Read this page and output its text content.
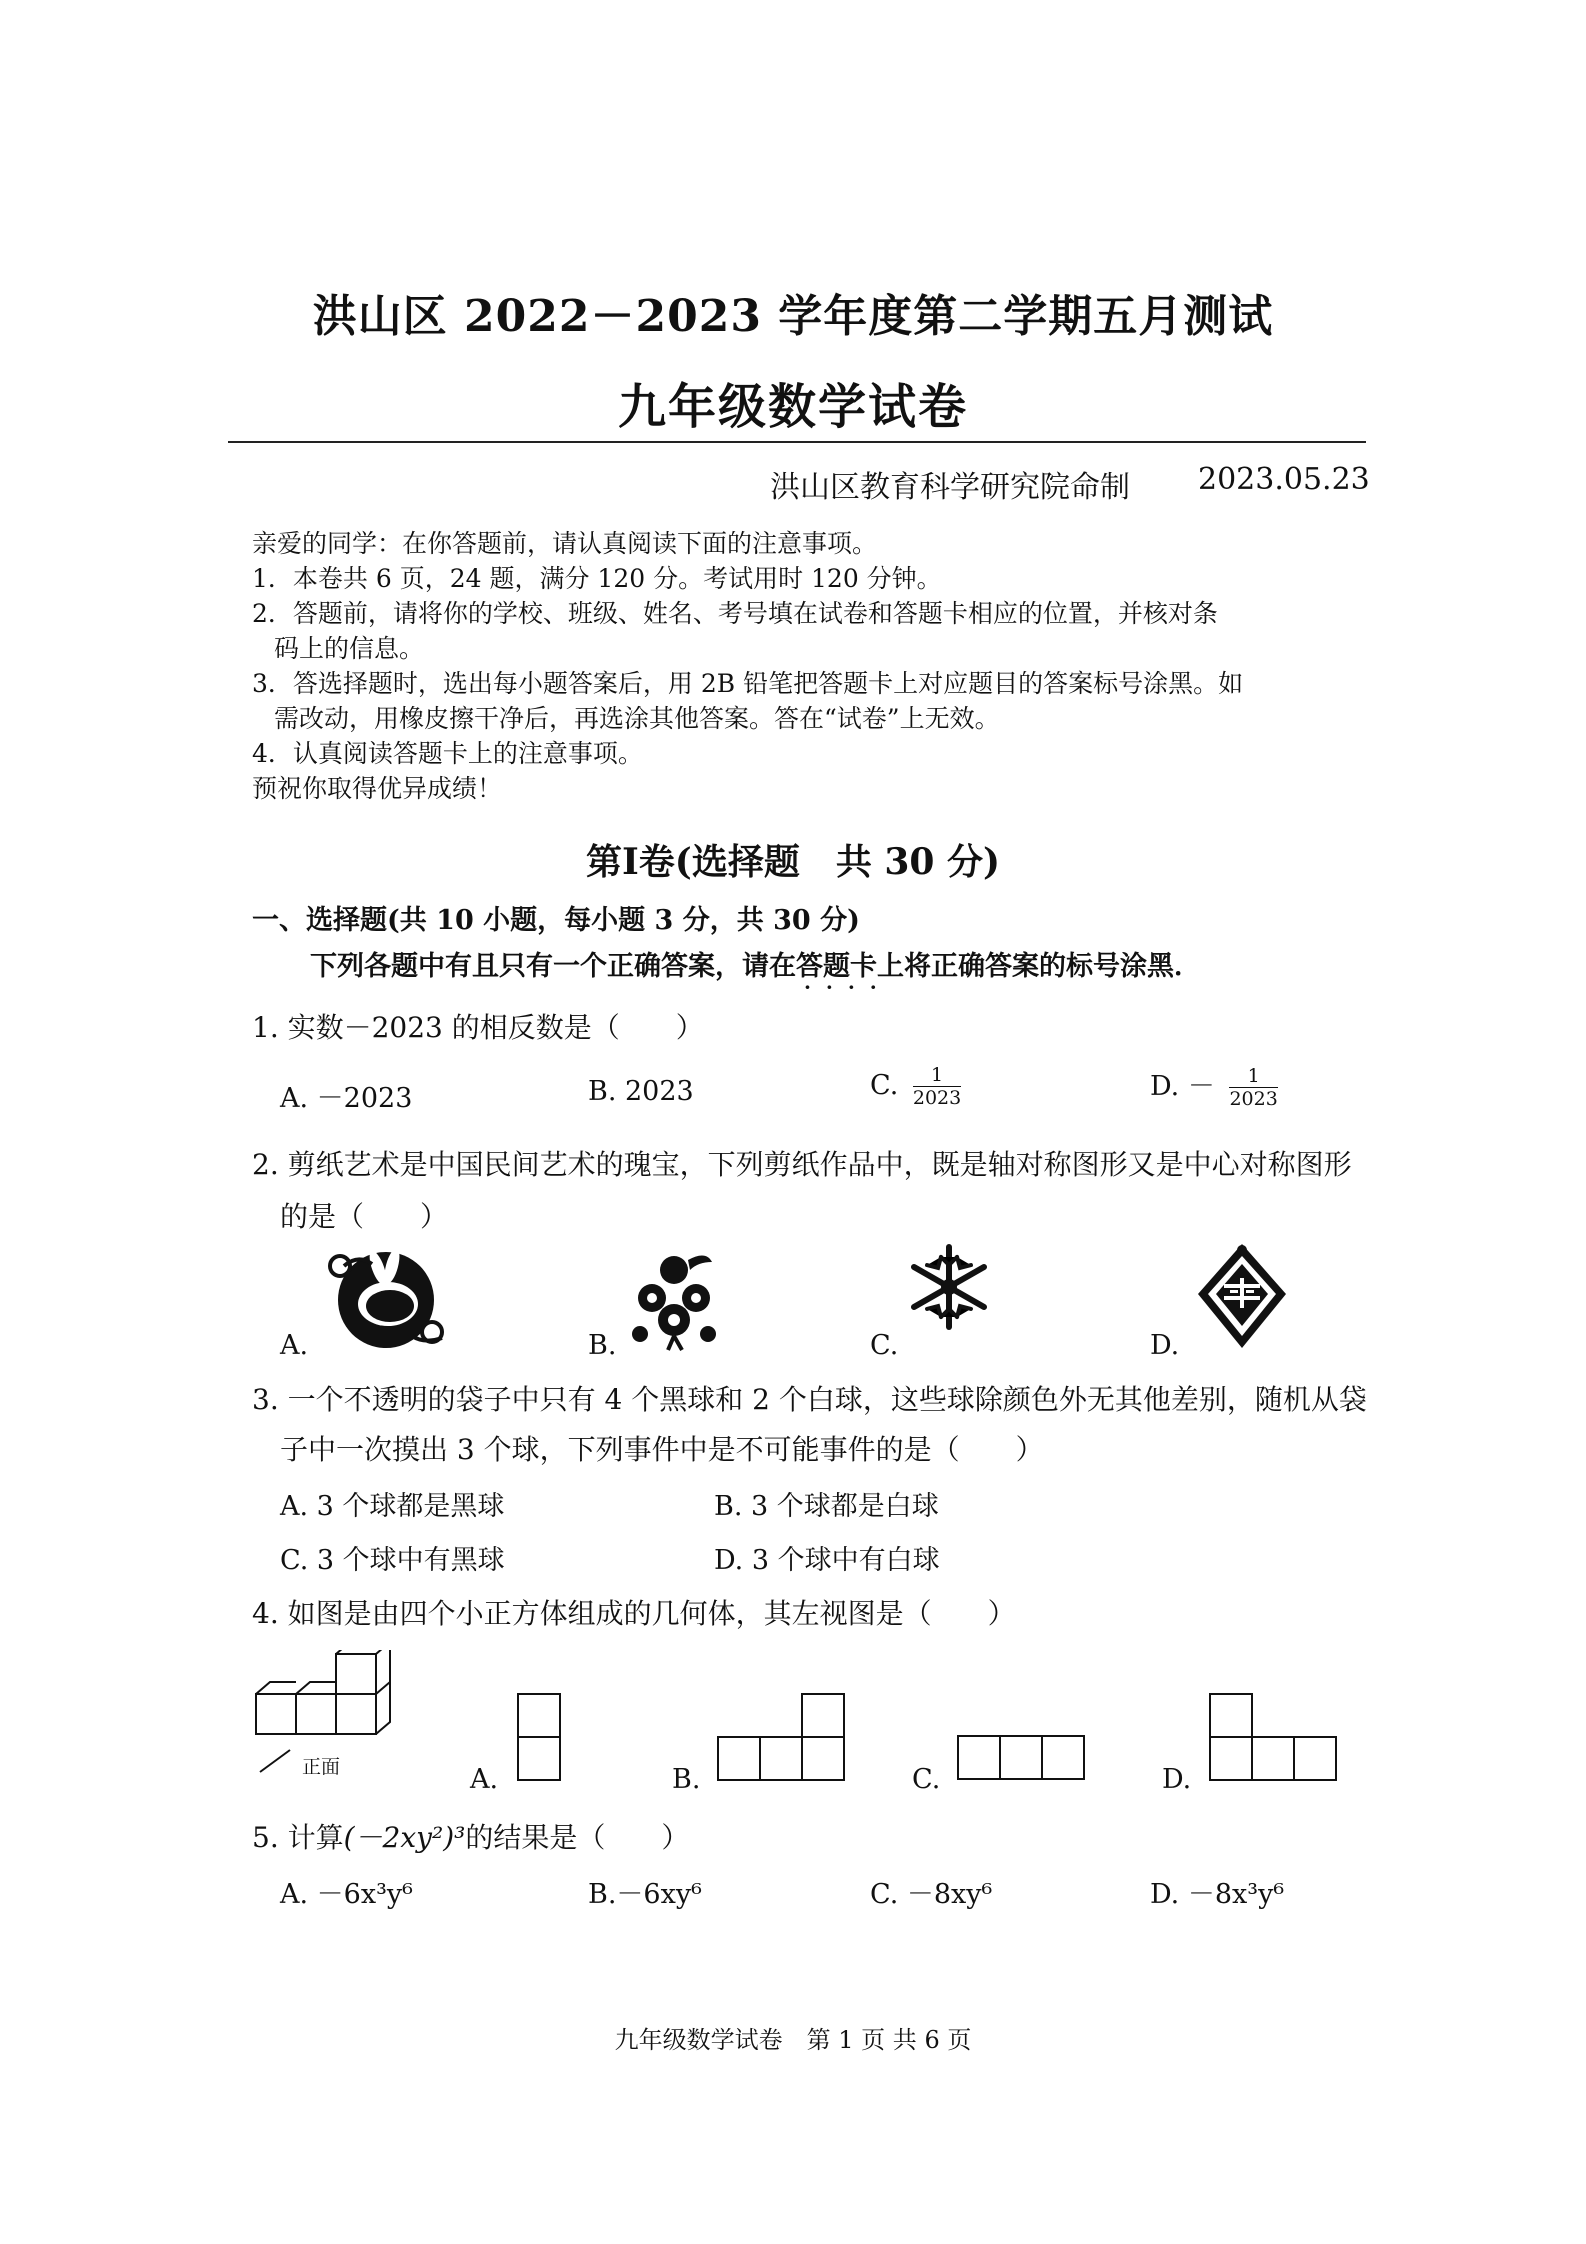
洪山区 2022－2023 学年度第二学期五月测试
九年级数学试卷
洪山区教育科学研究院命制 2023.05.23

亲爱的同学：在你答题前，请认真阅读下面的注意事项。

1．本卷共 6 页，24 题，满分 120 分。考试用时 120 分钟。

2．答题前，请将你的学校、班级、姓名、考号填在试卷和答题卡相应的位置，并核对条

码上的信息。

3．答选择题时，选出每小题答案后，用 2B 铅笔把答题卡上对应题目的答案标号涂黑。如

需改动，用橡皮擦干净后，再选涂其他答案。答在“试卷”上无效。

4．认真阅读答题卡上的注意事项。

预祝你取得优异成绩！

第Ⅰ卷(选择题　共 30 分)
一、选择题(共 10 小题，每小题 3 分，共 30 分)
下列各题中有且只有一个正确答案，请在答题卡上 · · · ·将正确答案的标号涂黑．
1. 实数－2023 的相反数是（　　）
A. －2023	B. 2023	C. $\frac{1}{2023}$	D. － $\frac{1}{2023}$
2. 剪纸艺术是中国民间艺术的瑰宝，下列剪纸作品中，既是轴对称图形又是中心对称图形
的是（　　）
A.	B.	C.	D.
3. 一个不透明的袋子中只有 4 个黑球和 2 个白球，这些球除颜色外无其他差别，随机从袋
子中一次摸出 3 个球，下列事件中是不可能事件的是（　　）
A. 3 个球都是黑球	B. 3 个球都是白球
C. 3 个球中有黑球	D. 3 个球中有白球
4. 如图是由四个小正方体组成的几何体，其左视图是（　　）
正面	A.	B.	C.	D.
5. 计算(－2xy²)³的结果是（　　）
A. －6x³y⁶	B.－6xy⁶	C. －8xy⁶	D. －8x³y⁶
九年级数学试卷　第 1 页 共 6 页
